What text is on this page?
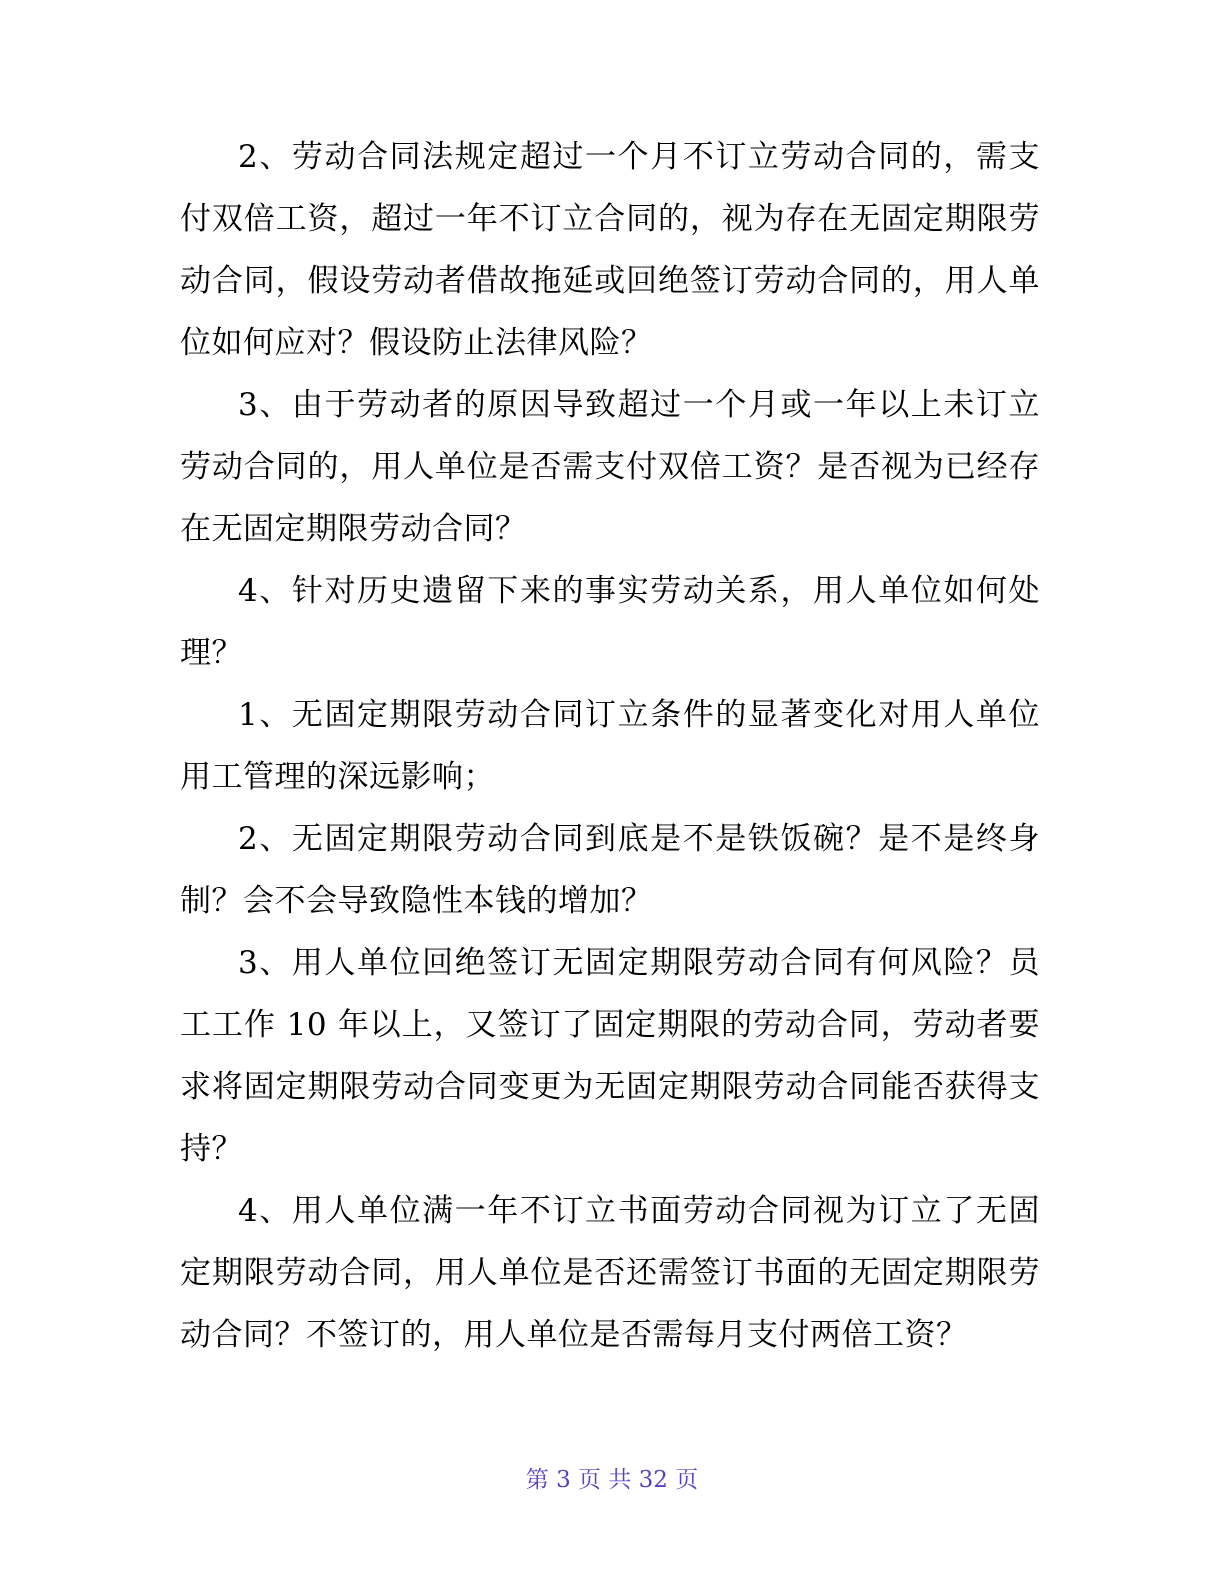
2、劳动合同法规定超过一个月不订立劳动合同的，需支付双倍工资，超过一年不订立合同的，视为存在无固定期限劳动合同，假设劳动者借故拖延或回绝签订劳动合同的，用人单位如何应对？假设防止法律风险？

3、由于劳动者的原因导致超过一个月或一年以上未订立劳动合同的，用人单位是否需支付双倍工资？是否视为已经存在无固定期限劳动合同？

4、针对历史遗留下来的事实劳动关系，用人单位如何处理？

1、无固定期限劳动合同订立条件的显著变化对用人单位用工管理的深远影响；

2、无固定期限劳动合同到底是不是铁饭碗？是不是终身制？会不会导致隐性本钱的增加？

3、用人单位回绝签订无固定期限劳动合同有何风险？员工工作 10 年以上，又签订了固定期限的劳动合同，劳动者要求将固定期限劳动合同变更为无固定期限劳动合同能否获得支持？

4、用人单位满一年不订立书面劳动合同视为订立了无固定期限劳动合同，用人单位是否还需签订书面的无固定期限劳动合同？不签订的，用人单位是否需每月支付两倍工资？

第 3 页 共 32 页
